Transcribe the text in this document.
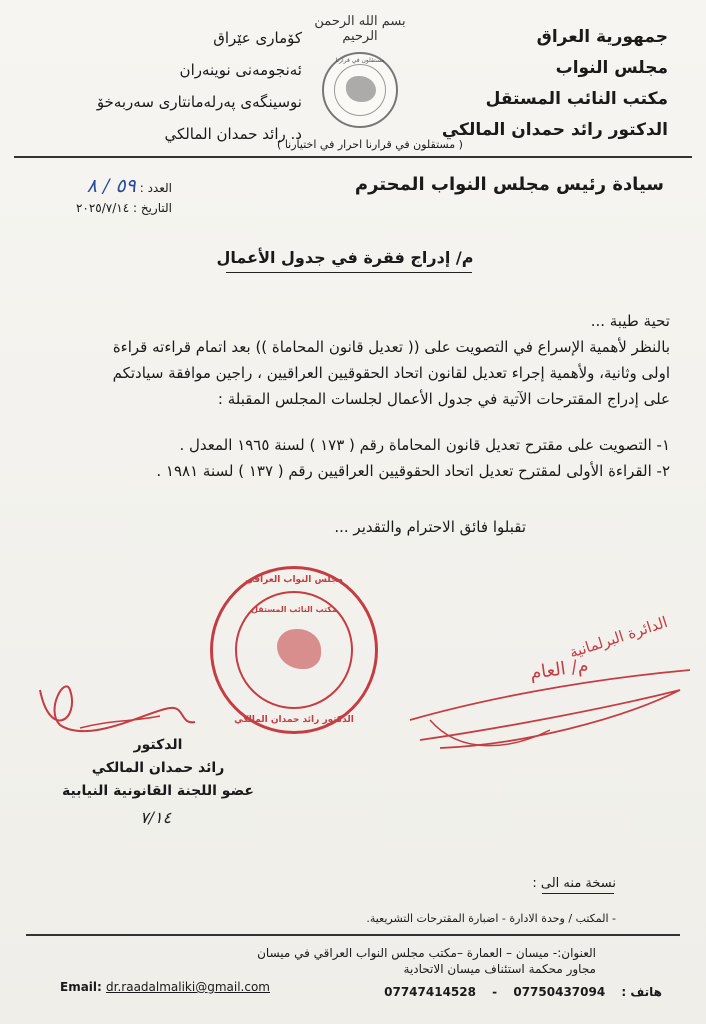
جمهورية العراق
مجلس النواب
مكتب النائب المستقل
الدكتور رائد حمدان المالكي
كۆماری عێراق
ئەنجومەنی نوینەران
نوسینگەی پەرلەمانتاری سەربەخۆ
د. رائد حمدان المالكي
بسم الله الرحمن الرحيم
مستقلون في قرارنا
( مستقلون في قرارنا احرار في اختيارنا )
سيادة رئيس مجلس النواب المحترم
العدد : ٥٩ / ٨
التاريخ : ٢٠٢٥/٧/١٤
م/ إدراج فقرة في جدول الأعمال
تحية طيبة ...
بالنظر لأهمية الإسراع في التصويت على (( تعديل قانون المحاماة )) بعد اتمام قراءته قراءة
اولى وثانية، ولأهمية إجراء تعديل لقانون اتحاد الحقوقيين العراقيين ، راجين موافقة سيادتكم
على إدراج المقترحات الآتية في جدول الأعمال لجلسات المجلس المقبلة :
١- التصويت على مقترح تعديل قانون المحاماة رقم ( ١٧٣ ) لسنة ١٩٦٥ المعدل .
٢- القراءة الأولى لمقترح تعديل اتحاد الحقوقيين العراقيين رقم ( ١٣٧ ) لسنة ١٩٨١ .
تقبلوا فائق الاحترام والتقدير ...
مجلس النواب العراقي
مكتب النائب المستقل
الدكتور رائد حمدان المالكي
الدائرة البرلمانية
م/ العام
الدكتور
رائد حمدان المالكي
عضو اللجنة القانونية النيابية
٧/١٤
نسخة منه الى :
- المكتب / وحدة الادارة - اضبارة المقترحات التشريعية.
العنوان:- ميسان – العمارة –مكتب مجلس النواب العراقي في ميسان
مجاور محكمة استئناف ميسان الاتحادية
Email: dr.raadalmaliki@gmail.com	هاتف : 07750437094 - 07747414528
